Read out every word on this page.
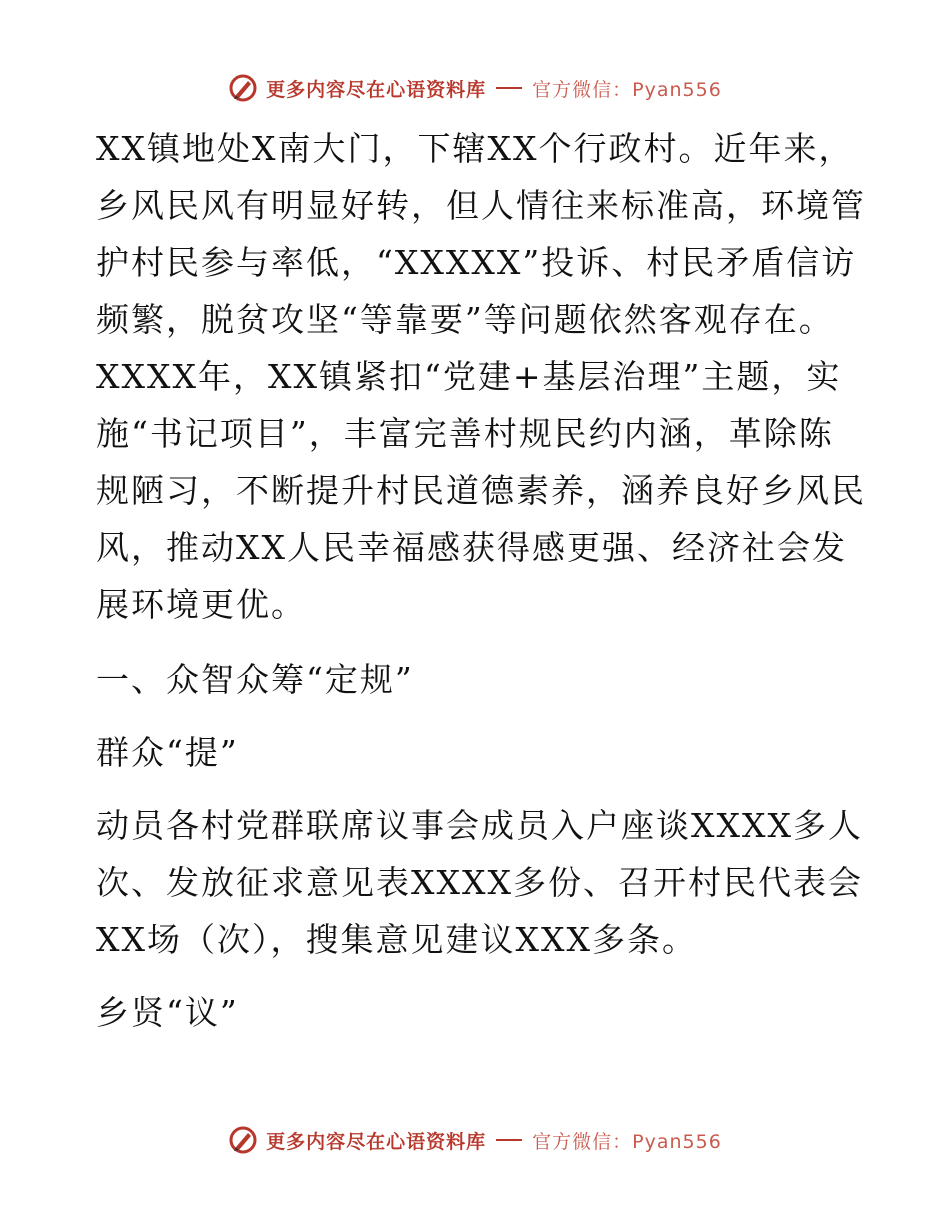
更多内容尽在心语资料库 官方微信：Pyan556

XX镇地处X南大门，下辖XX个行政村。近年来，
乡风民风有明显好转，但人情往来标准高，环境管
护村民参与率低，“XXXXX”投诉、村民矛盾信访
频繁，脱贫攻坚“等靠要”等问题依然客观存在。
XXXX年，XX镇紧扣“党建+基层治理”主题，实
施“书记项目”，丰富完善村规民约内涵，革除陈
规陋习，不断提升村民道德素养，涵养良好乡风民
风，推动XX人民幸福感获得感更强、经济社会发
展环境更优。

一、众智众筹“定规”

群众“提”

动员各村党群联席议事会成员入户座谈XXXX多人
次、发放征求意见表XXXX多份、召开村民代表会
XX场（次），搜集意见建议XXX多条。

乡贤“议”

更多内容尽在心语资料库 官方微信：Pyan556
